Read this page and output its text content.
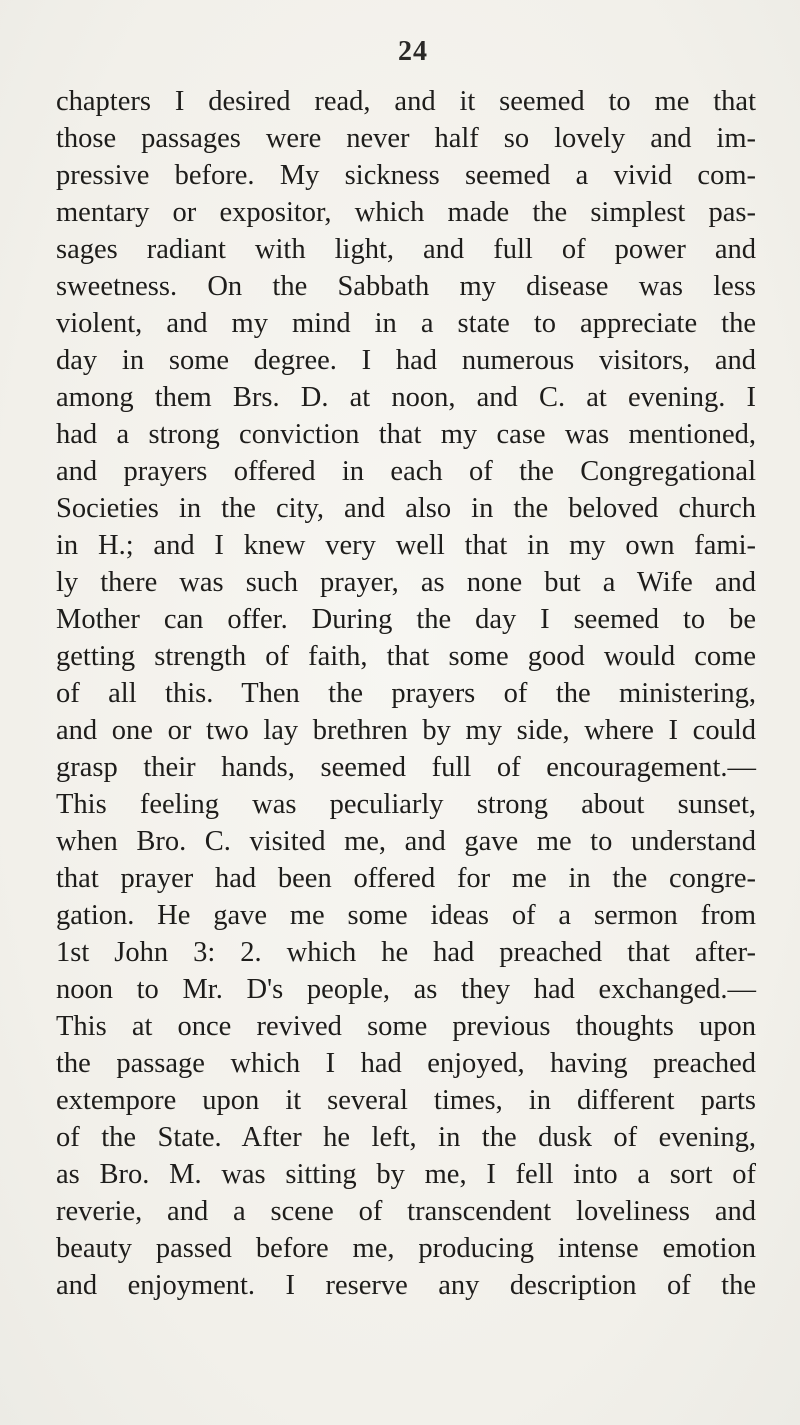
24
chapters I desired read, and it seemed to me that
those passages were never half so lovely and im-
pressive before. My sickness seemed a vivid com-
mentary or expositor, which made the simplest pas-
sages radiant with light, and full of power and
sweetness. On the Sabbath my disease was less
violent, and my mind in a state to appreciate the
day in some degree. I had numerous visitors, and
among them Brs. D. at noon, and C. at evening. I
had a strong conviction that my case was mentioned,
and prayers offered in each of the Congregational
Societies in the city, and also in the beloved church
in H.; and I knew very well that in my own fami-
ly there was such prayer, as none but a Wife and
Mother can offer. During the day I seemed to be
getting strength of faith, that some good would come
of all this. Then the prayers of the ministering,
and one or two lay brethren by my side, where I could
grasp their hands, seemed full of encouragement.—
This feeling was peculiarly strong about sunset,
when Bro. C. visited me, and gave me to understand
that prayer had been offered for me in the congre-
gation. He gave me some ideas of a sermon from
1st John 3: 2. which he had preached that after-
noon to Mr. D's people, as they had exchanged.—
This at once revived some previous thoughts upon
the passage which I had enjoyed, having preached
extempore upon it several times, in different parts
of the State. After he left, in the dusk of evening,
as Bro. M. was sitting by me, I fell into a sort of
reverie, and a scene of transcendent loveliness and
beauty passed before me, producing intense emotion
and enjoyment. I reserve any description of the
